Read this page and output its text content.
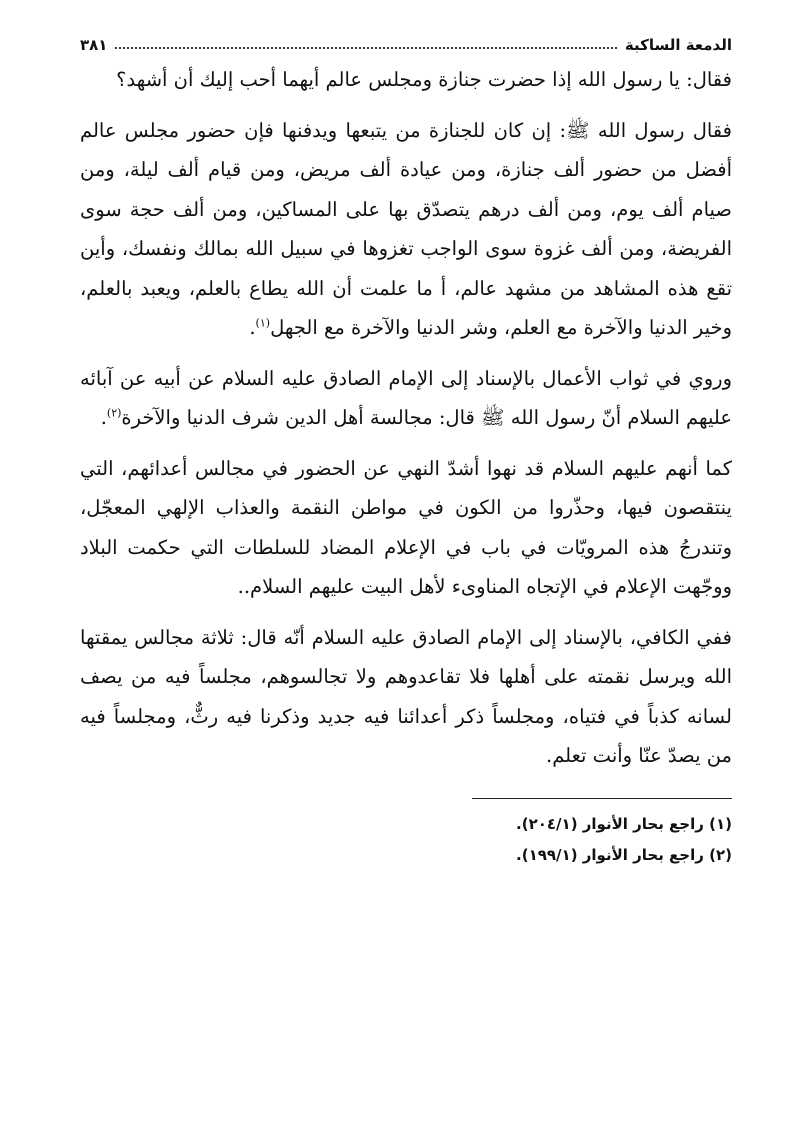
الدمعة الساكبة
٣٨١

فقال: يا رسول الله إذا حضرت جنازة ومجلس عالم أيهما أحب إليك أن أشهد؟

فقال رسول الله ﷺ: إن كان للجنازة من يتبعها ويدفنها فإن حضور مجلس عالم أفضل من حضور ألف جنازة، ومن عيادة ألف مريض، ومن قيام ألف ليلة، ومن صيام ألف يوم، ومن ألف درهم يتصدّق بها على المساكين، ومن ألف حجة سوى الفريضة، ومن ألف غزوة سوى الواجب تغزوها في سبيل الله بمالك ونفسك، وأين تقع هذه المشاهد من مشهد عالم، أ ما علمت أن الله يطاع بالعلم، ويعبد بالعلم، وخير الدنيا والآخرة مع العلم، وشر الدنيا والآخرة مع الجهل$^{(١)}$.

وروي في ثواب الأعمال بالإسناد إلى الإمام الصادق عليه السلام عن أبيه عن آبائه عليهم السلام أنّ رسول الله ﷺ قال: مجالسة أهل الدين شرف الدنيا والآخرة$^{(٢)}$.

كما أنهم عليهم السلام قد نهوا أشدّ النهي عن الحضور في مجالس أعدائهم، التي ينتقصون فيها، وحذّروا من الكون في مواطن النقمة والعذاب الإلهي المعجّل، وتندرجُ هذه المرويّات في باب في الإعلام المضاد للسلطات التي حكمت البلاد ووجّهت الإعلام في الإتجاه المناوىء لأهل البيت عليهم السلام..

ففي الكافي، بالإسناد إلى الإمام الصادق عليه السلام أنّه قال: ثلاثة مجالس يمقتها الله ويرسل نقمته على أهلها فلا تقاعدوهم ولا تجالسوهم، مجلساً فيه من يصف لسانه كذباً في فتياه، ومجلساً ذكر أعدائنا فيه جديد وذكرنا فيه رثٌّ، ومجلساً فيه من يصدّ عنّا وأنت تعلم.

(١) راجع بحار الأنوار (٢٠٤/١).
(٢) راجع بحار الأنوار (١٩٩/١).
